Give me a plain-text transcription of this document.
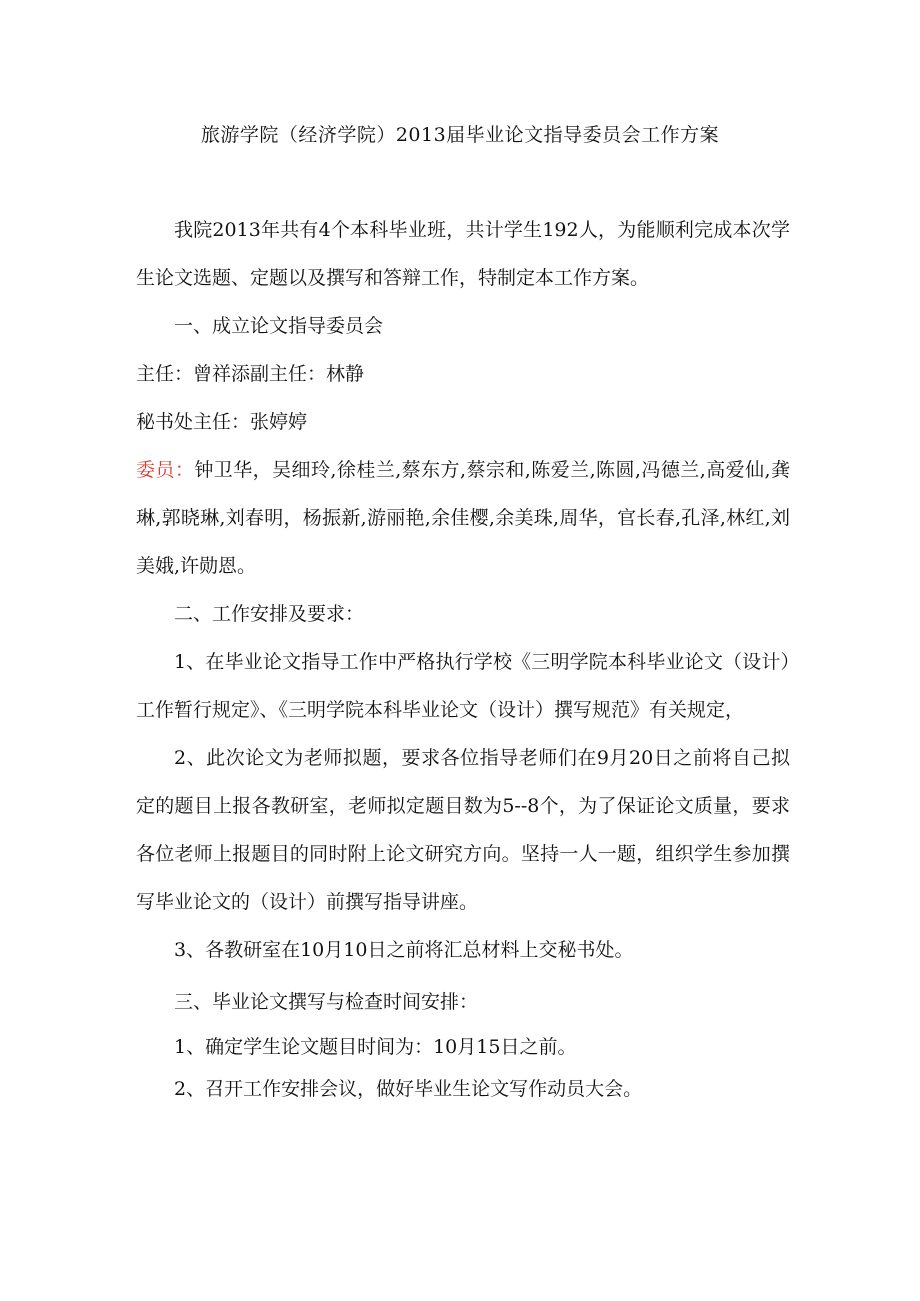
旅游学院（经济学院）2013届毕业论文指导委员会工作方案

我院2013年共有4个本科毕业班，共计学生192人，为能顺利完成本次学生论文选题、定题以及撰写和答辩工作，特制定本工作方案。

一、成立论文指导委员会

主任：曾祥添副主任：林静

秘书处主任：张婷婷

委员：钟卫华，吴细玲,徐桂兰,蔡东方,蔡宗和,陈爱兰,陈圆,冯德兰,高爱仙,龚琳,郭晓琳,刘春明，杨振新,游丽艳,余佳樱,余美珠,周华，官长春,孔泽,林红,刘美娥,许勋恩。

二、工作安排及要求：

1、在毕业论文指导工作中严格执行学校《三明学院本科毕业论文（设计）工作暂行规定》、《三明学院本科毕业论文（设计）撰写规范》有关规定，

2、此次论文为老师拟题，要求各位指导老师们在9月20日之前将自己拟定的题目上报各教研室，老师拟定题目数为5--8个，为了保证论文质量，要求各位老师上报题目的同时附上论文研究方向。坚持一人一题，组织学生参加撰写毕业论文的（设计）前撰写指导讲座。

3、各教研室在10月10日之前将汇总材料上交秘书处。

三、毕业论文撰写与检查时间安排：

1、确定学生论文题目时间为：10月15日之前。

2、召开工作安排会议，做好毕业生论文写作动员大会。
